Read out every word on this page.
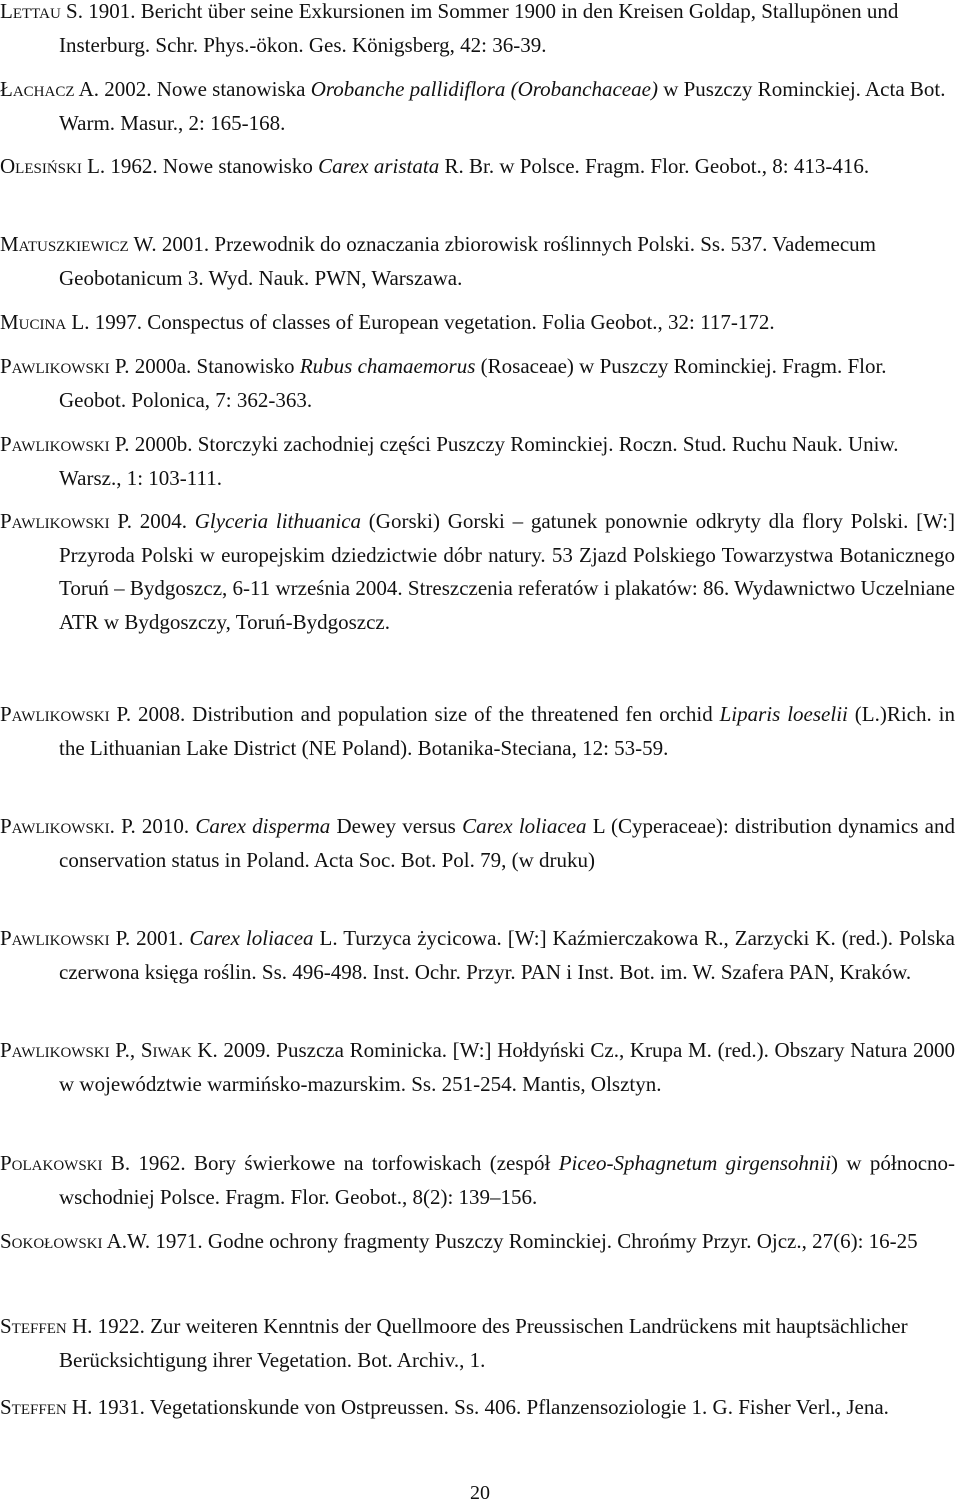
Lettau S. 1901. Bericht über seine Exkursionen im Sommer 1900 in den Kreisen Goldap, Stallupönen und Insterburg. Schr. Phys.-ökon. Ges. Königsberg, 42: 36-39.
Łachacz A. 2002. Nowe stanowiska Orobanche pallidiflora (Orobanchaceae) w Puszczy Rominckiej. Acta Bot. Warm. Masur., 2: 165-168.
Olesiński L. 1962. Nowe stanowisko Carex aristata R. Br. w Polsce. Fragm. Flor. Geobot., 8: 413-416.
Matuszkiewicz W. 2001. Przewodnik do oznaczania zbiorowisk roślinnych Polski. Ss. 537. Vademecum Geobotanicum 3. Wyd. Nauk. PWN, Warszawa.
Mucina L. 1997. Conspectus of classes of European vegetation. Folia Geobot., 32: 117-172.
Pawlikowski P. 2000a. Stanowisko Rubus chamaemorus (Rosaceae) w Puszczy Rominckiej. Fragm. Flor. Geobot. Polonica, 7: 362-363.
Pawlikowski P. 2000b. Storczyki zachodniej części Puszczy Rominckiej. Roczn. Stud. Ruchu Nauk. Uniw. Warsz., 1: 103-111.
Pawlikowski P. 2004. Glyceria lithuanica (Gorski) Gorski – gatunek ponownie odkryty dla flory Polski. [W:] Przyroda Polski w europejskim dziedzictwie dóbr natury. 53 Zjazd Polskiego Towarzystwa Botanicznego Toruń – Bydgoszcz, 6-11 września 2004. Streszczenia referatów i plakatów: 86. Wydawnictwo Uczelniane ATR w Bydgoszczy, Toruń-Bydgoszcz.
Pawlikowski P. 2008. Distribution and population size of the threatened fen orchid Liparis loeselii (L.)Rich. in the Lithuanian Lake District (NE Poland). Botanika-Steciana, 12: 53-59.
Pawlikowski. P. 2010. Carex disperma Dewey versus Carex loliacea L (Cyperaceae): distribution dynamics and conservation status in Poland. Acta Soc. Bot. Pol. 79, (w druku)
Pawlikowski P. 2001. Carex loliacea L. Turzyca życicowa. [W:] Kaźmierczakowa R., Zarzycki K. (red.). Polska czerwona księga roślin. Ss. 496-498. Inst. Ochr. Przyr. PAN i Inst. Bot. im. W. Szafera PAN, Kraków.
Pawlikowski P., Siwak K. 2009. Puszcza Rominicka. [W:] Hołdyński Cz., Krupa M. (red.). Obszary Natura 2000 w województwie warmińsko-mazurskim. Ss. 251-254. Mantis, Olsztyn.
Polakowski B. 1962. Bory świerkowe na torfowiskach (zespół Piceo-Sphagnetum girgensohnii) w północno-wschodniej Polsce. Fragm. Flor. Geobot., 8(2): 139–156.
Sokołowski A.W. 1971. Godne ochrony fragmenty Puszczy Rominckiej. Chrońmy Przyr. Ojcz., 27(6): 16-25
Steffen H. 1922. Zur weiteren Kenntnis der Quellmoore des Preussischen Landrückens mit hauptsächlicher Berücksichtigung ihrer Vegetation. Bot. Archiv., 1.
Steffen H. 1931. Vegetationskunde von Ostpreussen. Ss. 406. Pflanzensoziologie 1. G. Fisher Verl., Jena.
20
